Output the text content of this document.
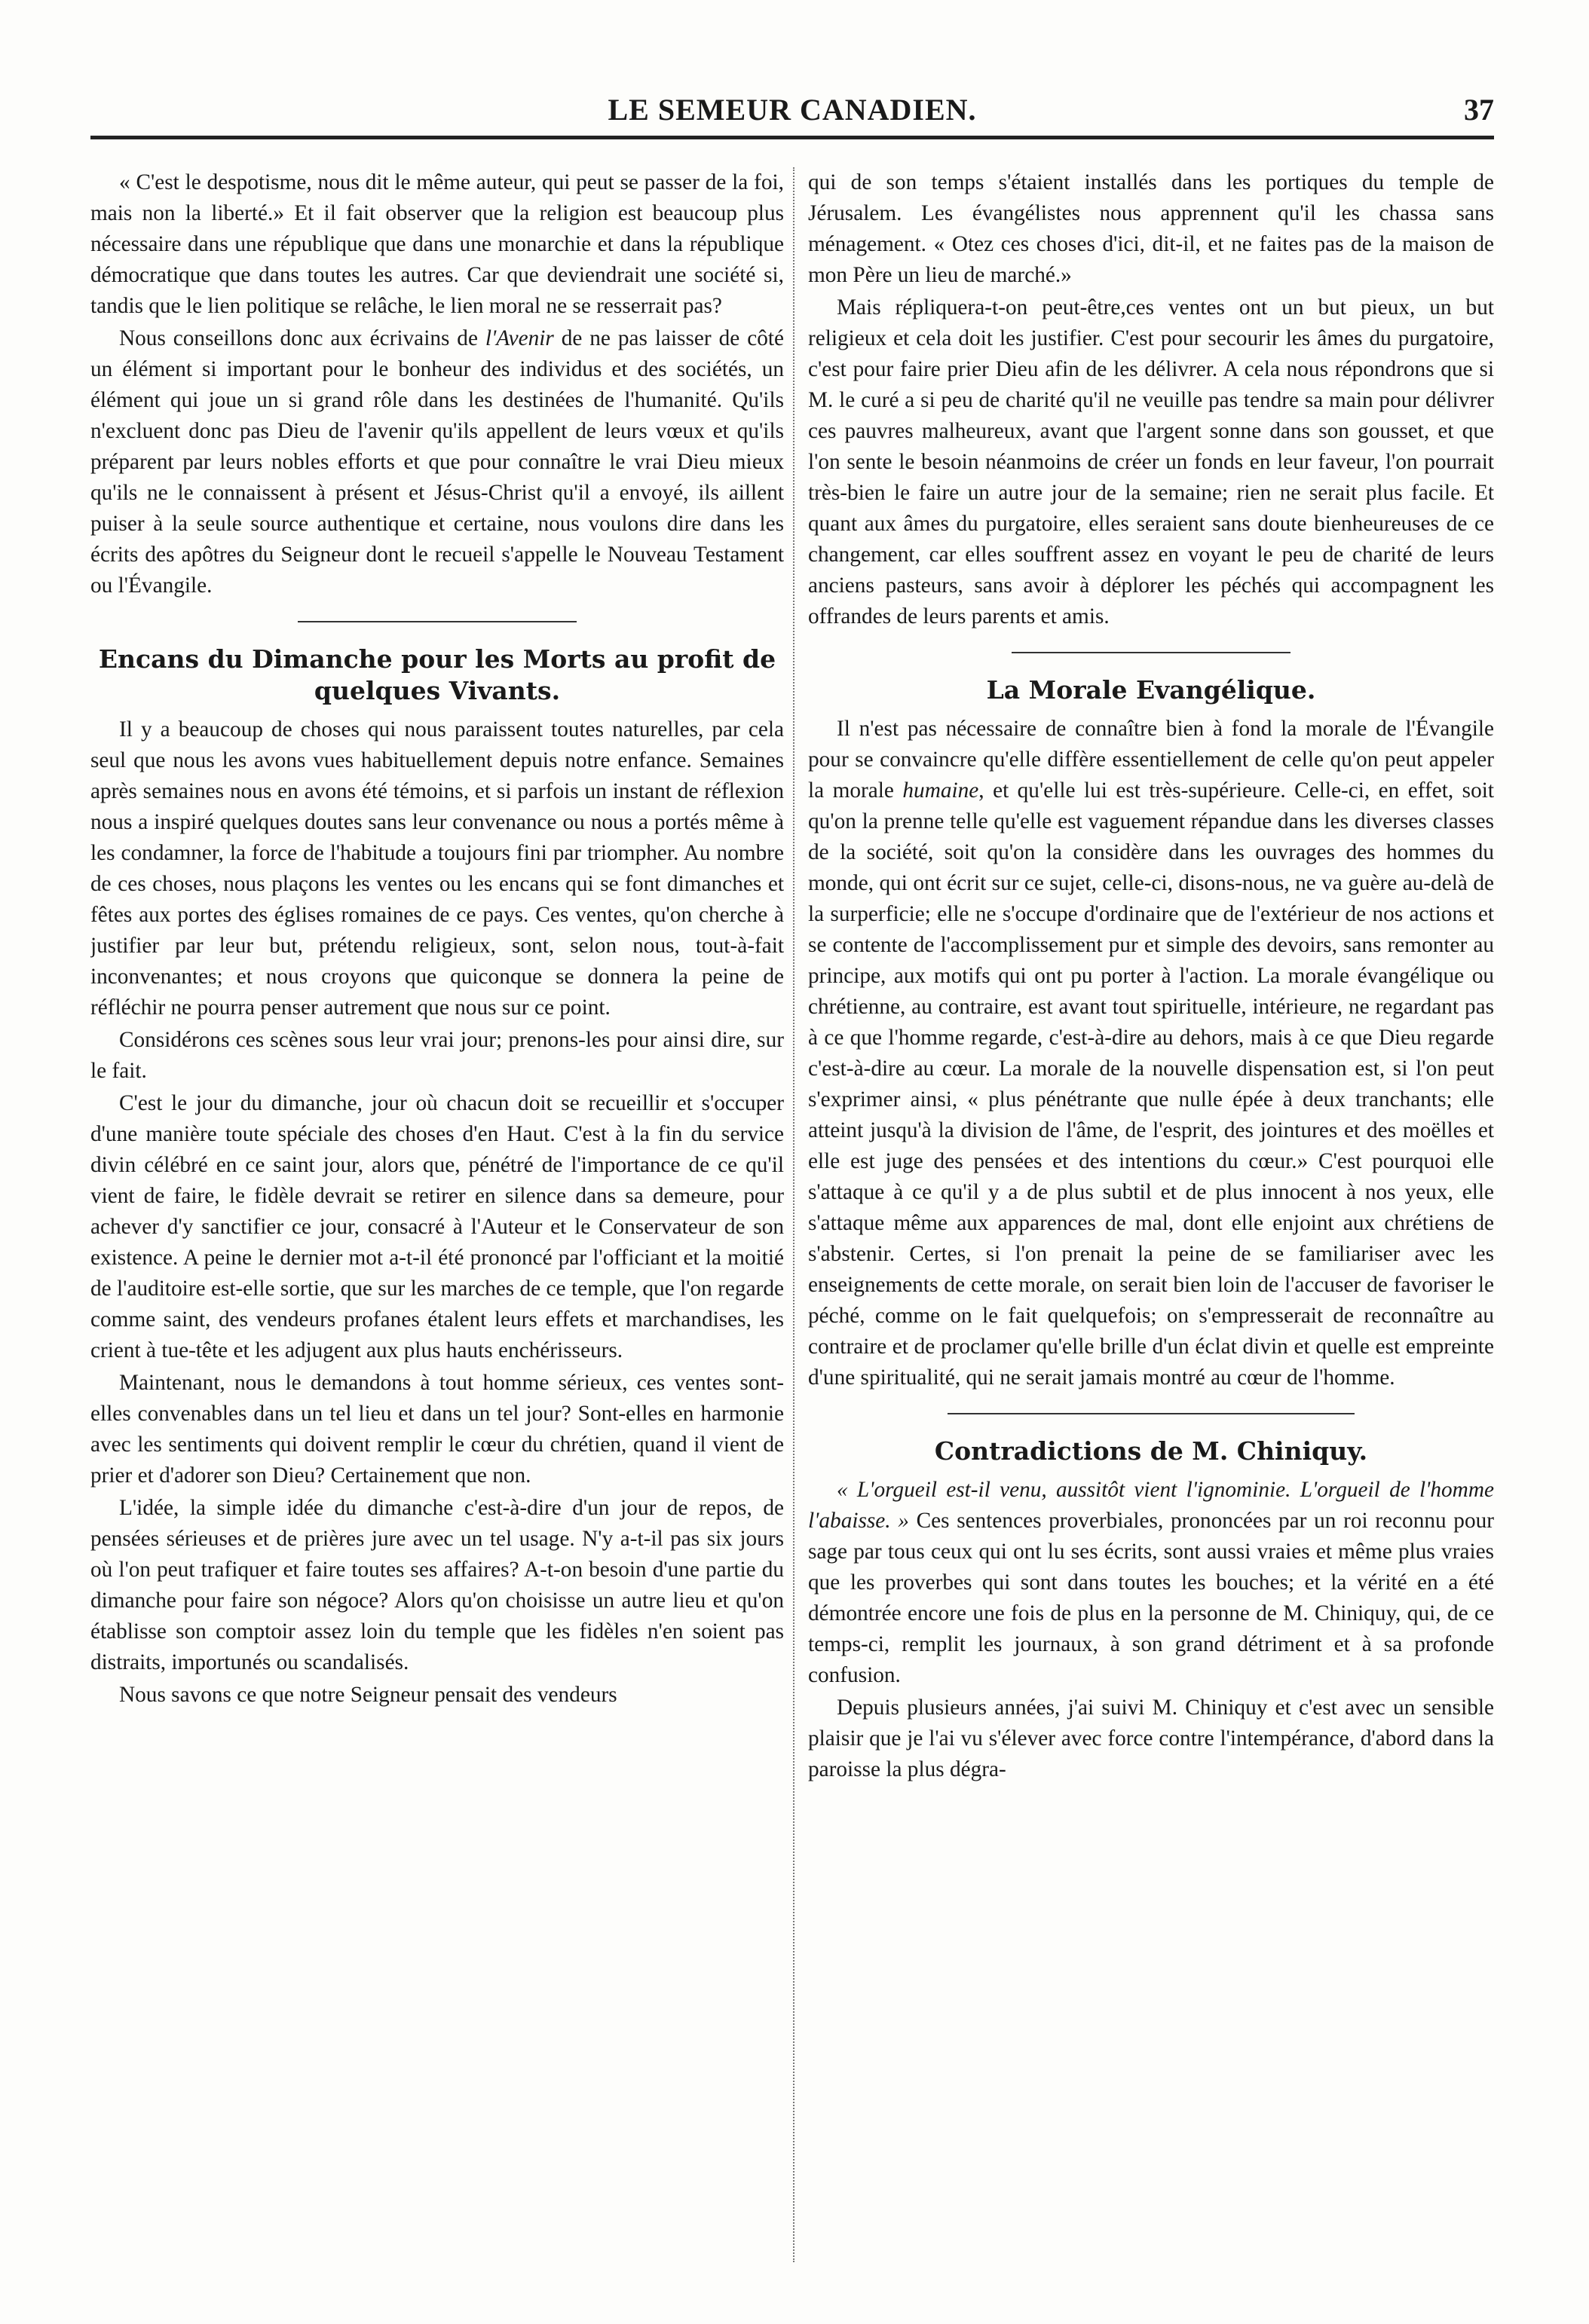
LE SEMEUR CANADIEN.	37

« C'est le despotisme, nous dit le même auteur, qui peut se passer de la foi, mais non la liberté.» Et il fait observer que la religion est beaucoup plus nécessaire dans une république que dans une monarchie et dans la république démocratique que dans toutes les autres. Car que deviendrait une société si, tandis que le lien politique se relâche, le lien moral ne se resserrait pas?

Nous conseillons donc aux écrivains de l'Avenir de ne pas laisser de côté un élément si important pour le bonheur des individus et des sociétés, un élément qui joue un si grand rôle dans les destinées de l'humanité. Qu'ils n'excluent donc pas Dieu de l'avenir qu'ils appellent de leurs vœux et qu'ils préparent par leurs nobles efforts et que pour connaître le vrai Dieu mieux qu'ils ne le connaissent à présent et Jésus-Christ qu'il a envoyé, ils aillent puiser à la seule source authentique et certaine, nous voulons dire dans les écrits des apôtres du Seigneur dont le recueil s'appelle le Nouveau Testament ou l'Évangile.

Encans du Dimanche pour les Morts au profit de quelques Vivants.

Il y a beaucoup de choses qui nous paraissent toutes naturelles, par cela seul que nous les avons vues habituellement depuis notre enfance. Semaines après semaines nous en avons été témoins, et si parfois un instant de réflexion nous a inspiré quelques doutes sans leur convenance ou nous a portés même à les condamner, la force de l'habitude a toujours fini par triompher. Au nombre de ces choses, nous plaçons les ventes ou les encans qui se font dimanches et fêtes aux portes des églises romaines de ce pays. Ces ventes, qu'on cherche à justifier par leur but, prétendu religieux, sont, selon nous, tout-à-fait inconvenantes; et nous croyons que quiconque se donnera la peine de réfléchir ne pourra penser autrement que nous sur ce point.

Considérons ces scènes sous leur vrai jour; prenons-les pour ainsi dire, sur le fait.

C'est le jour du dimanche, jour où chacun doit se recueillir et s'occuper d'une manière toute spéciale des choses d'en Haut. C'est à la fin du service divin célébré en ce saint jour, alors que, pénétré de l'importance de ce qu'il vient de faire, le fidèle devrait se retirer en silence dans sa demeure, pour achever d'y sanctifier ce jour, consacré à l'Auteur et le Conservateur de son existence. A peine le dernier mot a-t-il été prononcé par l'officiant et la moitié de l'auditoire est-elle sortie, que sur les marches de ce temple, que l'on regarde comme saint, des vendeurs profanes étalent leurs effets et marchandises, les crient à tue-tête et les adjugent aux plus hauts enchérisseurs.

Maintenant, nous le demandons à tout homme sérieux, ces ventes sont-elles convenables dans un tel lieu et dans un tel jour? Sont-elles en harmonie avec les sentiments qui doivent remplir le cœur du chrétien, quand il vient de prier et d'adorer son Dieu? Certainement que non.

L'idée, la simple idée du dimanche c'est-à-dire d'un jour de repos, de pensées sérieuses et de prières jure avec un tel usage. N'y a-t-il pas six jours où l'on peut trafiquer et faire toutes ses affaires? A-t-on besoin d'une partie du dimanche pour faire son négoce? Alors qu'on choisisse un autre lieu et qu'on établisse son comptoir assez loin du temple que les fidèles n'en soient pas distraits, importunés ou scandalisés.

Nous savons ce que notre Seigneur pensait des vendeurs

qui de son temps s'étaient installés dans les portiques du temple de Jérusalem. Les évangélistes nous apprennent qu'il les chassa sans ménagement. « Otez ces choses d'ici, dit-il, et ne faites pas de la maison de mon Père un lieu de marché.»

Mais répliquera-t-on peut-être,ces ventes ont un but pieux, un but religieux et cela doit les justifier. C'est pour secourir les âmes du purgatoire, c'est pour faire prier Dieu afin de les délivrer. A cela nous répondrons que si M. le curé a si peu de charité qu'il ne veuille pas tendre sa main pour délivrer ces pauvres malheureux, avant que l'argent sonne dans son gousset, et que l'on sente le besoin néanmoins de créer un fonds en leur faveur, l'on pourrait très-bien le faire un autre jour de la semaine; rien ne serait plus facile. Et quant aux âmes du purgatoire, elles seraient sans doute bienheureuses de ce changement, car elles souffrent assez en voyant le peu de charité de leurs anciens pasteurs, sans avoir à déplorer les péchés qui accompagnent les offrandes de leurs parents et amis.

La Morale Evangélique.

Il n'est pas nécessaire de connaître bien à fond la morale de l'Évangile pour se convaincre qu'elle diffère essentiellement de celle qu'on peut appeler la morale humaine, et qu'elle lui est très-supérieure. Celle-ci, en effet, soit qu'on la prenne telle qu'elle est vaguement répandue dans les diverses classes de la société, soit qu'on la considère dans les ouvrages des hommes du monde, qui ont écrit sur ce sujet, celle-ci, disons-nous, ne va guère au-delà de la surperficie; elle ne s'occupe d'ordinaire que de l'extérieur de nos actions et se contente de l'accomplissement pur et simple des devoirs, sans remonter au principe, aux motifs qui ont pu porter à l'action. La morale évangélique ou chrétienne, au contraire, est avant tout spirituelle, intérieure, ne regardant pas à ce que l'homme regarde, c'est-à-dire au dehors, mais à ce que Dieu regarde c'est-à-dire au cœur. La morale de la nouvelle dispensation est, si l'on peut s'exprimer ainsi, « plus pénétrante que nulle épée à deux tranchants; elle atteint jusqu'à la division de l'âme, de l'esprit, des jointures et des moëlles et elle est juge des pensées et des intentions du cœur.» C'est pourquoi elle s'attaque à ce qu'il y a de plus subtil et de plus innocent à nos yeux, elle s'attaque même aux apparences de mal, dont elle enjoint aux chrétiens de s'abstenir. Certes, si l'on prenait la peine de se familiariser avec les enseignements de cette morale, on serait bien loin de l'accuser de favoriser le péché, comme on le fait quelquefois; on s'empresserait de reconnaître au contraire et de proclamer qu'elle brille d'un éclat divin et quelle est empreinte d'une spiritualité, qui ne serait jamais montré au cœur de l'homme.

Contradictions de M. Chiniquy.

« L'orgueil est-il venu, aussitôt vient l'ignominie. L'orgueil de l'homme l'abaisse. » Ces sentences proverbiales, prononcées par un roi reconnu pour sage par tous ceux qui ont lu ses écrits, sont aussi vraies et même plus vraies que les proverbes qui sont dans toutes les bouches; et la vérité en a été démontrée encore une fois de plus en la personne de M. Chiniquy, qui, de ce temps-ci, remplit les journaux, à son grand détriment et à sa profonde confusion.

Depuis plusieurs années, j'ai suivi M. Chiniquy et c'est avec un sensible plaisir que je l'ai vu s'élever avec force contre l'intempérance, d'abord dans la paroisse la plus dégra-
